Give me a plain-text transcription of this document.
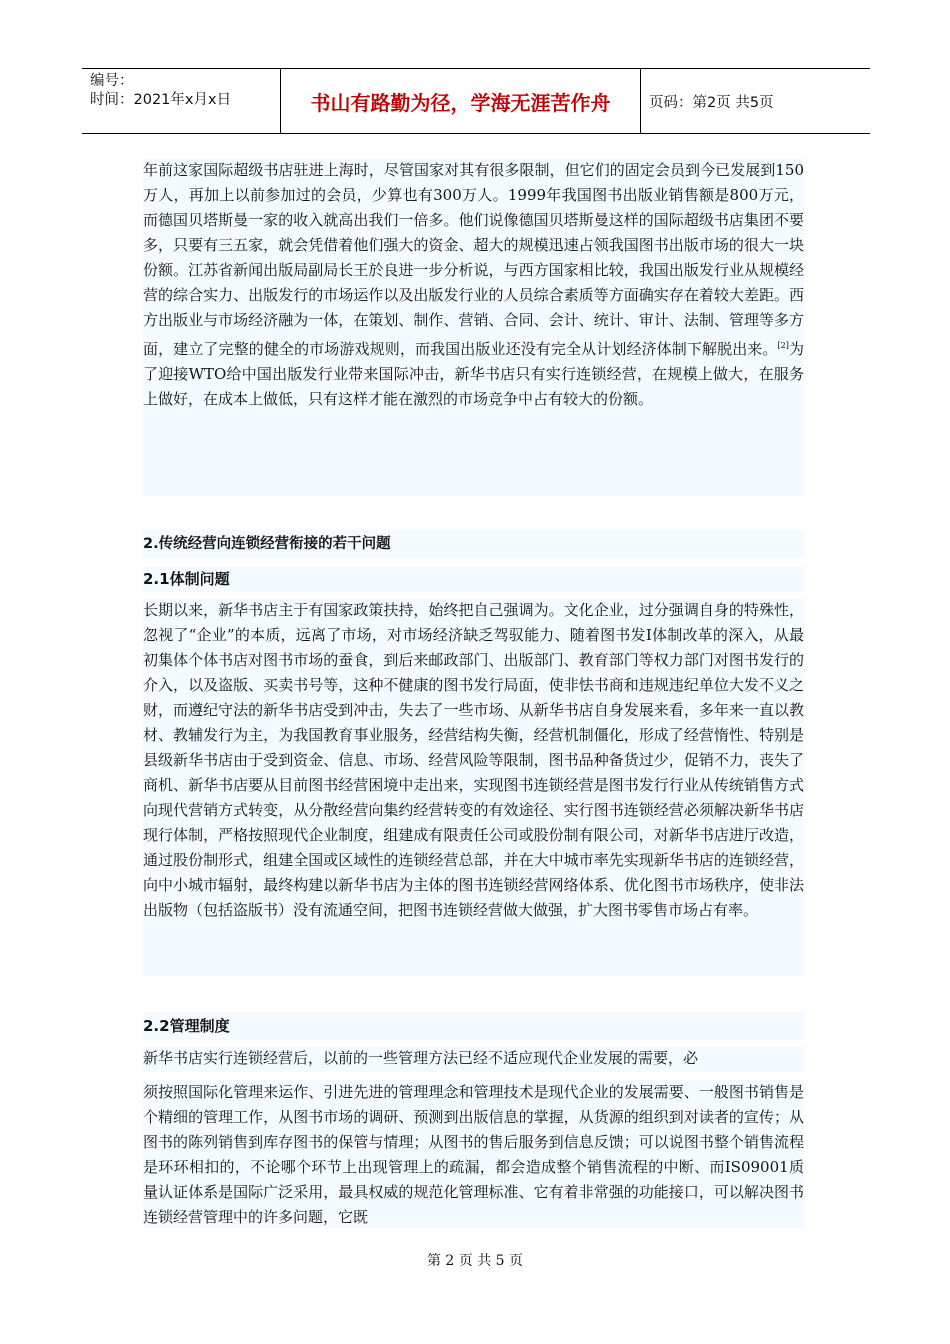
编号：
时间：2021年x月x日	书山有路勤为径，学海无涯苦作舟	页码：第2页 共5页

年前这家国际超级书店驻进上海时，尽管国家对其有很多限制，但它们的固定会员到今已发展到150万人，再加上以前参加过的会员，少算也有300万人。1999年我国图书出版业销售额是800万元，而德国贝塔斯曼一家的收入就高出我们一倍多。他们说像德国贝塔斯曼这样的国际超级书店集团不要多，只要有三五家，就会凭借着他们强大的资金、超大的规模迅速占领我国图书出版市场的很大一块份额。江苏省新闻出版局副局长王於良进一步分析说，与西方国家相比较，我国出版发行业从规模经营的综合实力、出版发行的市场运作以及出版发行业的人员综合素质等方面确实存在着较大差距。西方出版业与市场经济融为一体，在策划、制作、营销、合同、会计、统计、审计、法制、管理等多方面，建立了完整的健全的市场游戏规则，而我国出版业还没有完全从计划经济体制下解脱出来。[2]为了迎接WTO给中国出版发行业带来国际冲击，新华书店只有实行连锁经营，在规模上做大，在服务上做好，在成本上做低，只有这样才能在激烈的市场竞争中占有较大的份额。

2.传统经营向连锁经营衔接的若干问题

2.1体制问题

长期以来，新华书店主于有国家政策扶持，始终把自己强调为。文化企业，过分强调自身的特殊性，忽视了“企业”的本质，远离了市场，对市场经济缺乏驾驭能力、随着图书发I体制改革的深入，从最初集体个体书店对图书市场的蚕食，到后来邮政部门、出版部门、教育部门等权力部门对图书发行的介入，以及盗版、买卖书号等，这种不健康的图书发行局面，使非怯书商和违规违纪单位大发不义之财，而遵纪守法的新华书店受到冲击，失去了一些市场、从新华书店自身发展来看，多年来一直以教材、教辅发行为主，为我国教育事业服务，经营结构失衡，经营机制僵化，形成了经营惰性、特别是县级新华书店由于受到资金、信息、市场、经营风险等限制，图书品种备货过少，促销不力，丧失了商机、新华书店要从目前图书经营困境中走出来，实现图书连锁经营是图书发行行业从传统销售方式向现代营销方式转变，从分散经营向集约经营转变的有效途径、实行图书连锁经营必须解决新华书店现行体制，严格按照现代企业制度，组建成有限责任公司或股份制有限公司，对新华书店进厅改造，通过股份制形式，组建全国或区域性的连锁经营总部，并在大中城市率先实现新华书店的连锁经营，向中小城市辐射，最终构建以新华书店为主体的图书连锁经营网络体系、优化图书市场秩序，使非法出版物（包括盗版书）没有流通空间，把图书连锁经营做大做强，扩大图书零售市场占有率。

2.2管理制度

新华书店实行连锁经营后，以前的一些管理方法已经不适应现代企业发展的需要，必

须按照国际化管理来运作、引进先进的管理理念和管理技术是现代企业的发展需要、一般图书销售是个精细的管理工作，从图书市场的调研、预测到出版信息的掌握，从货源的组织到对读者的宣传；从图书的陈列销售到库存图书的保管与情理；从图书的售后服务到信息反馈；可以说图书整个销售流程是环环相扣的，不论哪个环节上出现管理上的疏漏，都会造成整个销售流程的中断、而IS09001质量认证体系是国际广泛采用，最具权威的规范化管理标准、它有着非常强的功能接口，可以解决图书连锁经营管理中的许多问题，它既

第 2 页 共 5 页
